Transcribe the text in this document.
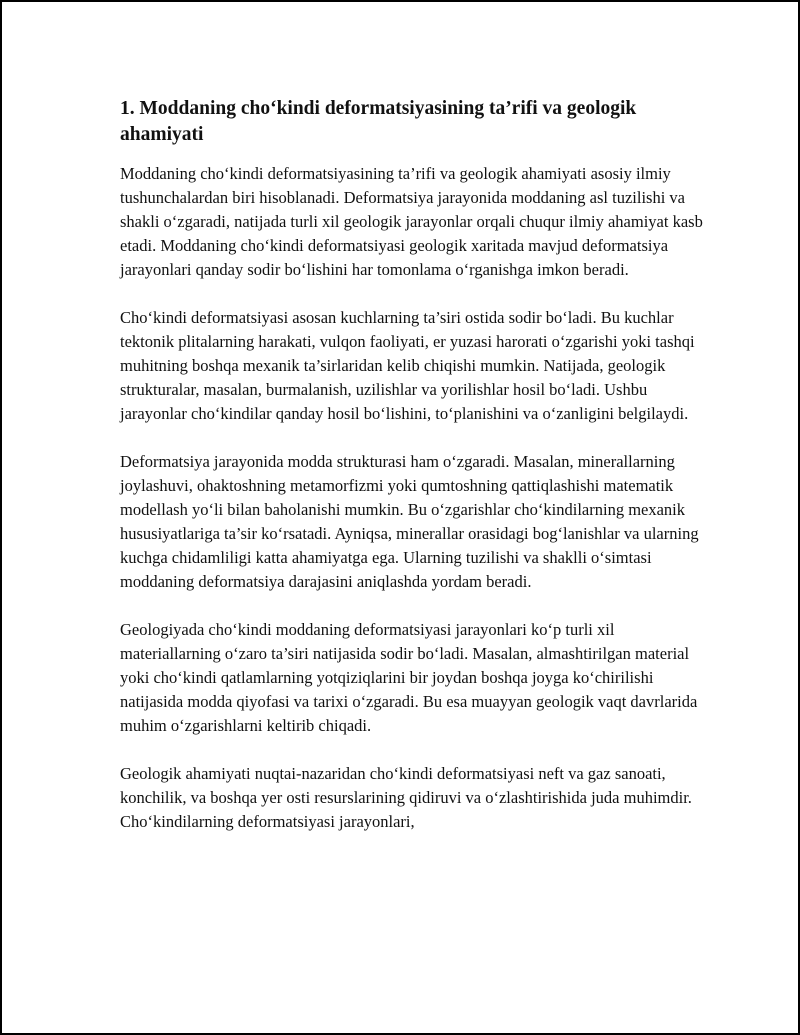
1. Moddaning cho‘kindi deformatsiyasining ta’rifi va geologik ahamiyati

Moddaning cho‘kindi deformatsiyasining ta’rifi va geologik ahamiyati asosiy ilmiy tushunchalardan biri hisoblanadi. Deformatsiya jarayonida moddaning asl tuzilishi va shakli o‘zgaradi, natijada turli xil geologik jarayonlar orqali chuqur ilmiy ahamiyat kasb etadi. Moddaning cho‘kindi deformatsiyasi geologik xaritada mavjud deformatsiya jarayonlari qanday sodir bo‘lishini har tomonlama o‘rganishga imkon beradi.

Cho‘kindi deformatsiyasi asosan kuchlarning ta’siri ostida sodir bo‘ladi. Bu kuchlar tektonik plitalarning harakati, vulqon faoliyati, er yuzasi harorati o‘zgarishi yoki tashqi muhitning boshqa mexanik ta’sirlaridan kelib chiqishi mumkin. Natijada, geologik strukturalar, masalan, burmalanish, uzilishlar va yorilishlar hosil bo‘ladi. Ushbu jarayonlar cho‘kindilar qanday hosil bo‘lishini, to‘planishini va o‘zanligini belgilaydi.

Deformatsiya jarayonida modda strukturasi ham o‘zgaradi. Masalan, minerallarning joylashuvi, ohaktoshning metamorfizmi yoki qumtoshning qattiqlashishi matematik modellash yo‘li bilan baholanishi mumkin. Bu o‘zgarishlar cho‘kindilarning mexanik hususiyatlariga ta’sir ko‘rsatadi. Ayniqsa, minerallar orasidagi bog‘lanishlar va ularning kuchga chidamliligi katta ahamiyatga ega. Ularning tuzilishi va shaklli o‘simtasi moddaning deformatsiya darajasini aniqlashda yordam beradi.

Geologiyada cho‘kindi moddaning deformatsiyasi jarayonlari ko‘p turli xil materiallarning o‘zaro ta’siri natijasida sodir bo‘ladi. Masalan, almashtirilgan material yoki cho‘kindi qatlamlarning yotqiziqlarini bir joydan boshqa joyga ko‘chirilishi natijasida modda qiyofasi va tarixi o‘zgaradi. Bu esa muayyan geologik vaqt davrlarida muhim o‘zgarishlarni keltirib chiqadi.

Geologik ahamiyati nuqtai-nazaridan cho‘kindi deformatsiyasi neft va gaz sanoati, konchilik, va boshqa yer osti resurslarining qidiruvi va o‘zlashtirishida juda muhimdir. Cho‘kindilarning deformatsiyasi jarayonlari,
